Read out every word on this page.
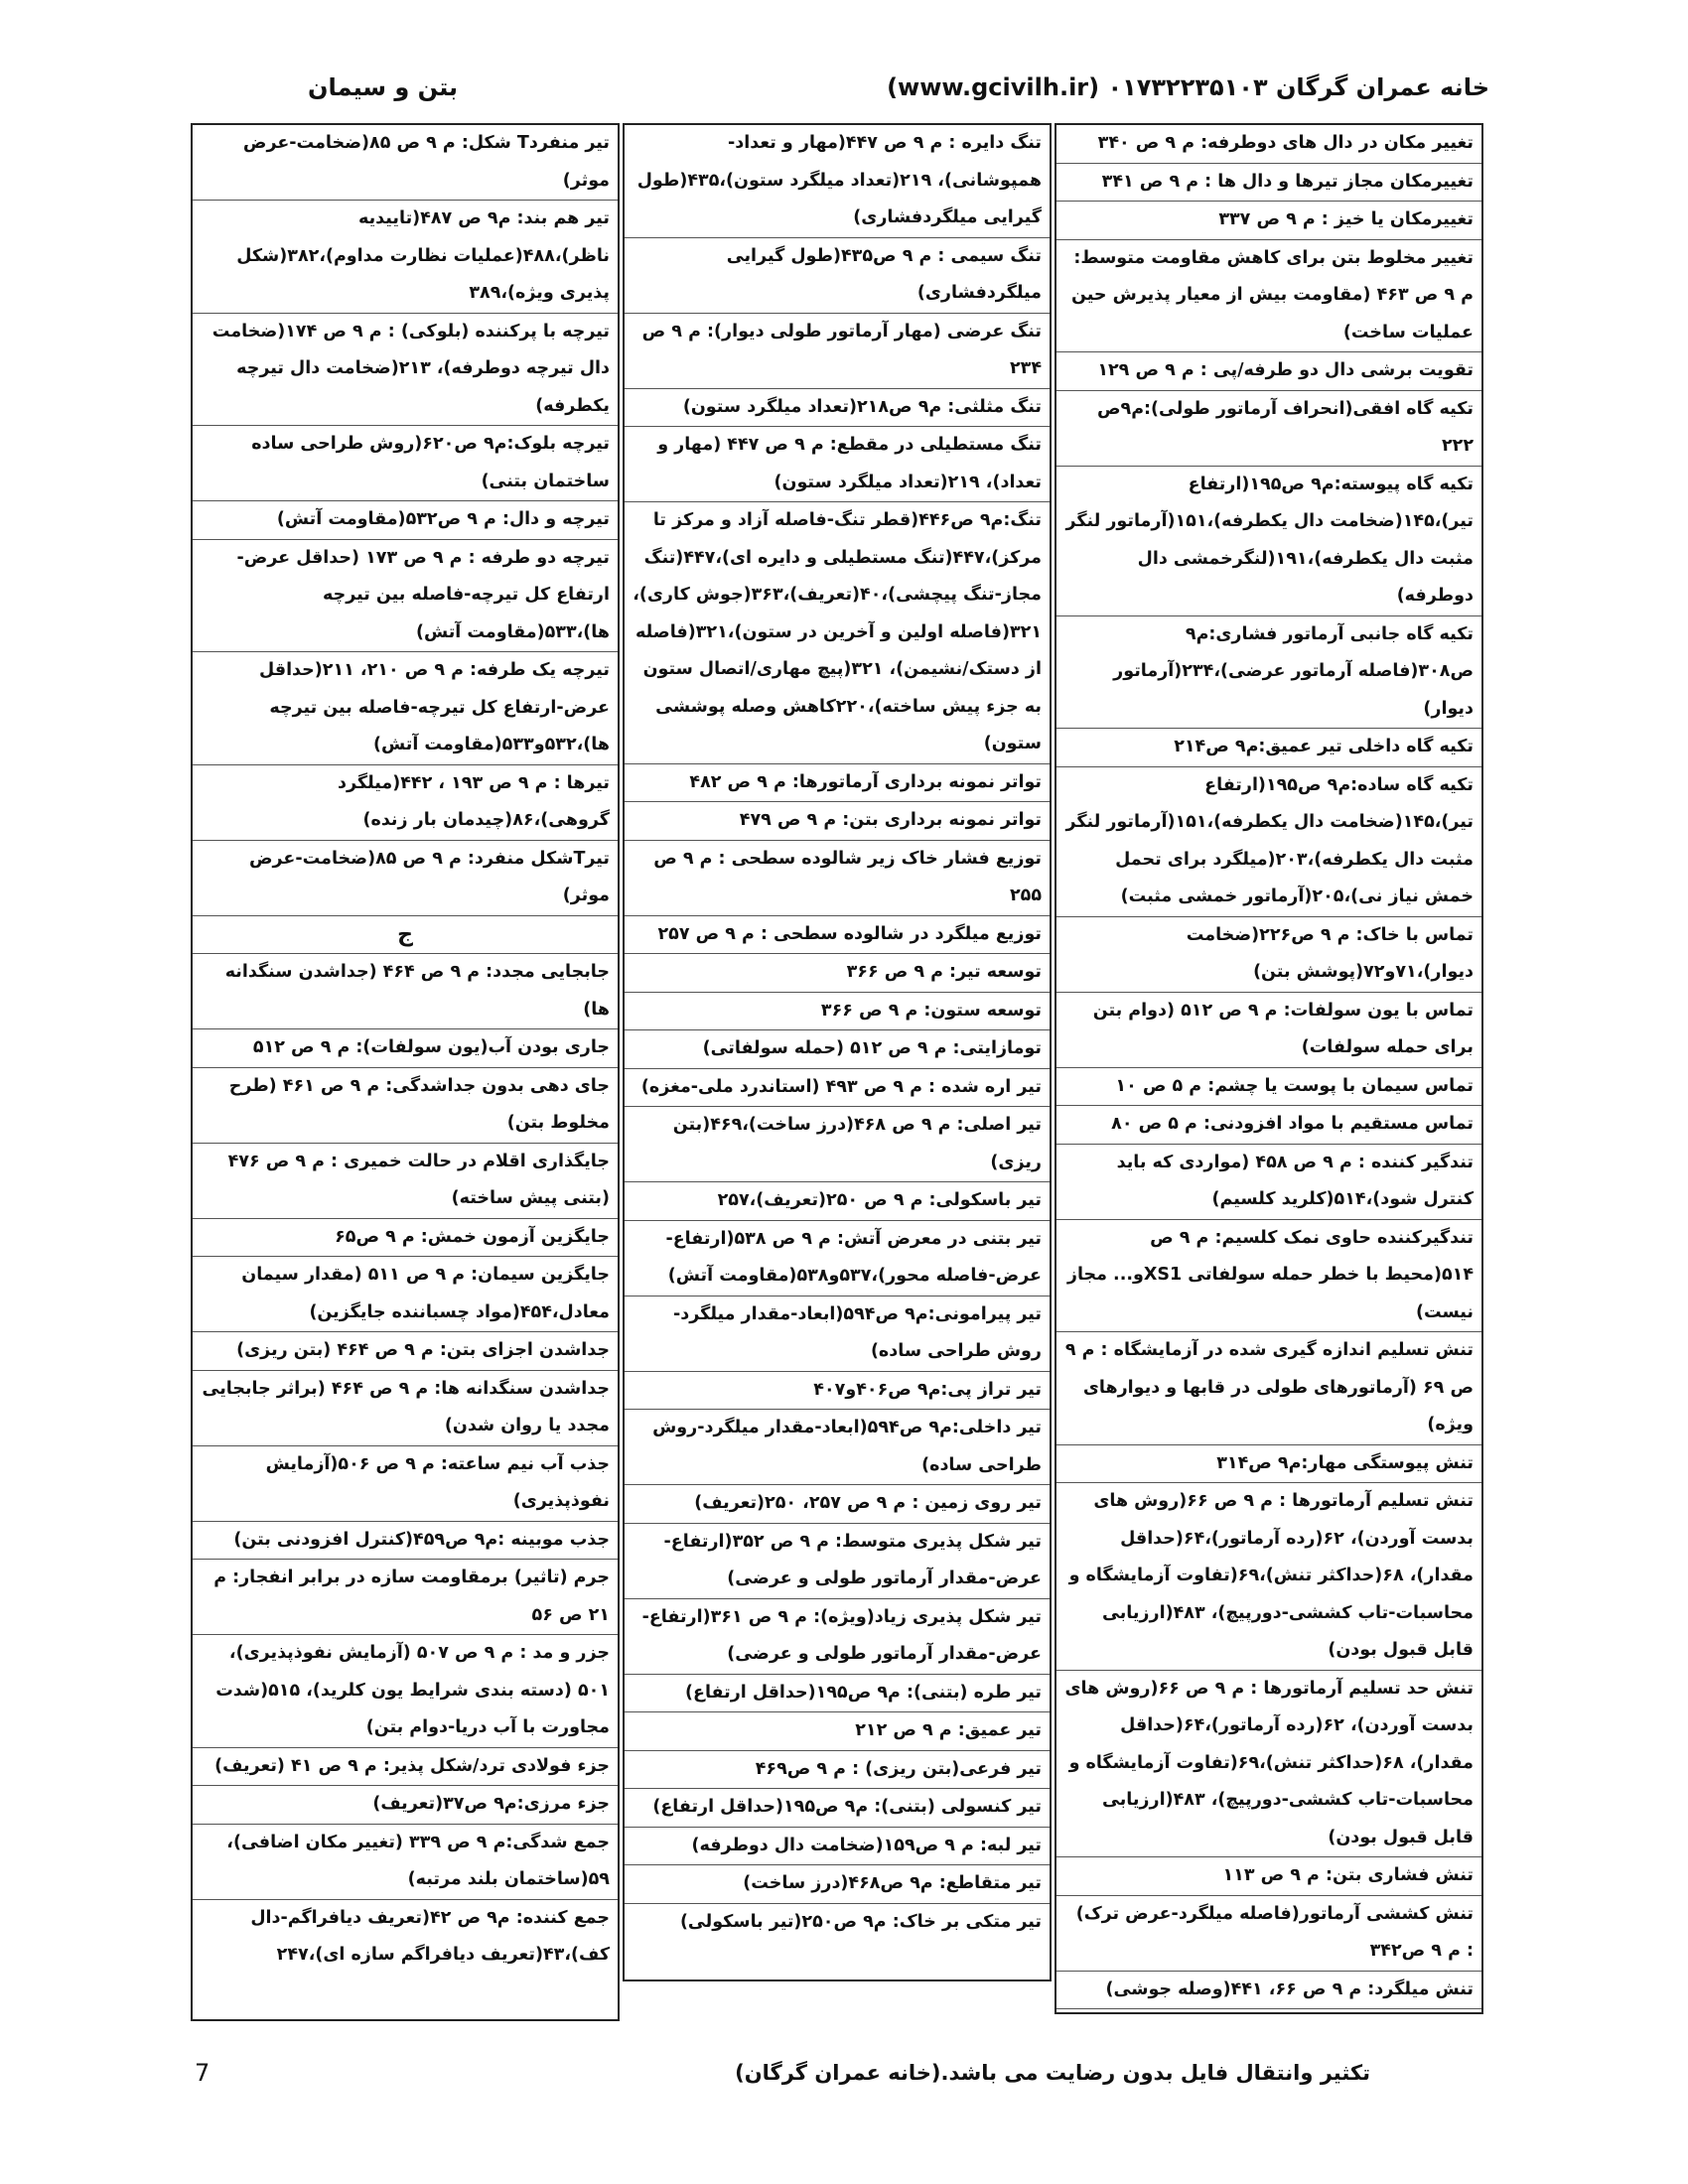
خانه عمران گرگان ۰۱۷۳۲۲۳۵۱۰۳ (www.gcivilh.ir)
بتن و سیمان
تغییر مکان در دال های دوطرفه: م ۹ ص ۳۴۰
تغییرمکان مجاز تیرها و دال ها : م ۹ ص ۳۴۱
تغییرمکان یا خیز : م ۹ ص ۳۳۷
تغییر مخلوط بتن برای کاهش مقاومت متوسط: م ۹ ص ۴۶۳ (مقاومت بیش از معیار پذیرش حین عملیات ساخت)
تقویت برشی دال دو طرفه/پی : م ۹ ص ۱۲۹
تکیه گاه افقی(انحراف آرماتور طولی):م۹ص ۲۲۲
تکیه گاه پیوسته:م۹ ص۱۹۵(ارتفاع تیر)،۱۴۵(ضخامت دال یکطرفه)،۱۵۱(آرماتور لنگر مثبت دال یکطرفه)،۱۹۱(لنگرخمشی دال دوطرفه)
تکیه گاه جانبی آرماتور فشاری:م۹ ص۳۰۸(فاصله آرماتور عرضی)،۲۳۴(آرماتور دیوار)
تکیه گاه داخلی تیر عمیق:م۹ ص۲۱۴
تکیه گاه ساده:م۹ ص۱۹۵(ارتفاع تیر)،۱۴۵(ضخامت دال یکطرفه)،۱۵۱(آرماتور لنگر مثبت دال یکطرفه)،۲۰۳(میلگرد برای تحمل خمش نیاز نی)،۲۰۵(آرماتور خمشی مثبت)
تماس با خاک: م ۹ ص۲۲۶(ضخامت دیوار)،۷۱و۷۲(پوشش بتن)
تماس با یون سولفات: م ۹ ص ۵۱۲ (دوام بتن برای حمله سولفات)
تماس سیمان با پوست یا چشم: م ۵ ص ۱۰
تماس مستقیم با مواد افزودنی: م ۵ ص ۸۰
تندگیر کننده : م ۹ ص ۴۵۸ (مواردی که باید کنترل شود)،۵۱۴(کلرید کلسیم)
تندگیرکننده حاوی نمک کلسیم: م ۹ ص ۵۱۴(محیط با خطر حمله سولفاتی XS1و... مجاز نیست)
تنش تسلیم اندازه گیری شده در آزمایشگاه : م ۹ ص ۶۹ (آرماتورهای طولی در قابها و دیوارهای ویژه)
تنش پیوستگی مهار:م۹ ص۳۱۴
تنش تسلیم آرماتورها : م ۹ ص ۶۶(روش های بدست آوردن)، ۶۲(رده آرماتور)،۶۴(حداقل مقدار)، ۶۸(حداکثر تنش)،۶۹(تفاوت آزمایشگاه و محاسبات-تاب کششی-دورپیچ)، ۴۸۳(ارزیابی قابل قبول بودن)
تنش حد تسلیم آرماتورها : م ۹ ص ۶۶(روش های بدست آوردن)، ۶۲(رده آرماتور)،۶۴(حداقل مقدار)، ۶۸(حداکثر تنش)،۶۹(تفاوت آزمایشگاه و محاسبات-تاب کششی-دورپیچ)، ۴۸۳(ارزیابی قابل قبول بودن)
تنش فشاری بتن: م ۹ ص ۱۱۳
تنش کششی آرماتور(فاصله میلگرد-عرض ترک) : م ۹ ص۳۴۲
تنش میلگرد: م ۹ ص ۶۶، ۴۴۱(وصله جوشی)
تنگ دایره : م ۹ ص ۴۴۷(مهار و تعداد-همپوشانی)، ۲۱۹(تعداد میلگرد ستون)،۴۳۵(طول گیرایی میلگردفشاری)
تنگ سیمی : م ۹ ص۴۳۵(طول گیرایی میلگردفشاری)
تنگ عرضی (مهار آرماتور طولی دیوار): م ۹ ص ۲۳۴
تنگ مثلثی: م۹ ص۲۱۸(تعداد میلگرد ستون)
تنگ مستطیلی در مقطع: م ۹ ص ۴۴۷ (مهار و تعداد)، ۲۱۹(تعداد میلگرد ستون)
تنگ:م۹ ص۴۴۶(قطر تنگ-فاصله آزاد و مرکز تا مرکز)،۴۴۷(تنگ مستطیلی و دایره ای)،۴۴۷(تنگ مجاز-تنگ پیچشی)،۴۰(تعریف)،۳۶۳(جوش کاری)، ۳۲۱(فاصله اولین و آخرین در ستون)،۳۲۱(فاصله از دستک/نشیمن)، ۳۲۱(پیچ مهاری/اتصال ستون به جزء پیش ساخته)،۲۲۰کاهش وصله پوششی ستون)
تواتر نمونه برداری آرماتورها: م ۹ ص ۴۸۲
تواتر نمونه برداری بتن: م ۹ ص ۴۷۹
توزیع فشار خاک زیر شالوده سطحی : م ۹ ص ۲۵۵
توزیع میلگرد در شالوده سطحی : م ۹ ص ۲۵۷
توسعه تیر: م ۹ ص ۳۶۶
توسعه ستون: م ۹ ص ۳۶۶
تومازایتی: م ۹ ص ۵۱۲ (حمله سولفاتی)
تیر اره شده : م ۹ ص ۴۹۳ (استاندرد ملی-مغزه)
تیر اصلی: م ۹ ص ۴۶۸(درز ساخت)،۴۶۹(بتن ریزی)
تیر باسکولی: م ۹ ص ۲۵۰(تعریف)،۲۵۷
تیر بتنی در معرض آتش: م ۹ ص ۵۳۸(ارتفاع-عرض-فاصله محور)،۵۳۷و۵۳۸(مقاومت آتش)
تیر پیرامونی:م۹ ص۵۹۴(ابعاد-مقدار میلگرد-روش طراحی ساده)
تیر تراز پی:م۹ ص۴۰۶و۴۰۷
تیر داخلی:م۹ ص۵۹۴(ابعاد-مقدار میلگرد-روش طراحی ساده)
تیر روی زمین : م ۹ ص ۲۵۷، ۲۵۰(تعریف)
تیر شکل پذیری متوسط: م ۹ ص ۳۵۲(ارتفاع-عرض-مقدار آرماتور طولی و عرضی)
تیر شکل پذیری زیاد(ویژه): م ۹ ص ۳۶۱(ارتفاع-عرض-مقدار آرماتور طولی و عرضی)
تیر طره (بتنی): م۹ ص۱۹۵(حداقل ارتفاع)
تیر عمیق: م ۹ ص ۲۱۲
تیر فرعی(بتن ریزی) : م ۹ ص۴۶۹
تیر کنسولی (بتنی): م۹ ص۱۹۵(حداقل ارتفاع)
تیر لبه: م ۹ ص۱۵۹(ضخامت دال دوطرفه)
تیر متقاطع: م۹ ص۴۶۸(درز ساخت)
تیر متکی بر خاک: م۹ ص۲۵۰(تیر باسکولی)
تیر منفردT شکل: م ۹ ص ۸۵(ضخامت-عرض موثر)
تیر هم بند: م۹ ص ۴۸۷(تاییدیه ناظر)،۴۸۸(عملیات نظارت مداوم)،۳۸۲(شکل پذیری ویژه)،۳۸۹
تیرچه با پرکننده (بلوکی) : م ۹ ص ۱۷۴(ضخامت دال تیرچه دوطرفه)، ۲۱۳(ضخامت دال تیرچه یکطرفه)
تیرچه بلوک:م۹ ص۶۲۰(روش طراحی ساده ساختمان بتنی)
تیرچه و دال: م ۹ ص۵۳۲(مقاومت آتش)
تیرچه دو طرفه : م ۹ ص ۱۷۳ (حداقل عرض-ارتفاع کل تیرچه-فاصله بین تیرچه ها)،۵۳۳(مقاومت آتش)
تیرچه یک طرفه: م ۹ ص ۲۱۰، ۲۱۱(حداقل عرض-ارتفاع کل تیرچه-فاصله بین تیرچه ها)،۵۳۲و۵۳۳(مقاومت آتش)
تیرها : م ۹ ص ۱۹۳ ، ۴۴۲(میلگرد گروهی)،۸۶(چیدمان بار زنده)
تیرTشکل منفرد: م ۹ ص ۸۵(ضخامت-عرض موثر)
ج
جابجایی مجدد: م ۹ ص ۴۶۴ (جداشدن سنگدانه ها)
جاری بودن آب(یون سولفات): م ۹ ص ۵۱۲
جای دهی بدون جداشدگی: م ۹ ص ۴۶۱ (طرح مخلوط بتن)
جایگذاری اقلام در حالت خمیری : م ۹ ص ۴۷۶ (بتنی پیش ساخته)
جایگزین آزمون خمش: م ۹ ص۶۵
جایگزین سیمان: م ۹ ص ۵۱۱ (مقدار سیمان معادل،۴۵۴(مواد چسباننده جایگزین)
جداشدن اجزای بتن: م ۹ ص ۴۶۴ (بتن ریزی)
جداشدن سنگدانه ها: م ۹ ص ۴۶۴ (براثر جابجایی مجدد یا روان شدن)
جذب آب نیم ساعته: م ۹ ص ۵۰۶(آزمایش نفوذپذیری)
جذب موبینه :م۹ ص۴۵۹(کنترل افزودنی بتن)
جرم (تاثیر) برمقاومت سازه در برابر انفجار: م ۲۱ ص ۵۶
جزر و مد : م ۹ ص ۵۰۷ (آزمایش نفوذپذیری)، ۵۰۱ (دسته بندی شرایط یون کلرید)، ۵۱۵(شدت مجاورت با آب دریا-دوام بتن)
جزء فولادی ترد/شکل پذیر: م ۹ ص ۴۱ (تعریف)
جزء مرزی:م۹ ص۳۷(تعریف)
جمع شدگی:م ۹ ص ۳۳۹ (تغییر مکان اضافی)، ۵۹(ساختمان بلند مرتبه)
جمع کننده: م۹ ص ۴۲(تعریف دیافراگم-دال کف)،۴۳(تعریف دیافراگم سازه ای)،۲۴۷
7	تکثیر وانتقال فایل بدون رضایت می باشد.(خانه عمران گرگان)
